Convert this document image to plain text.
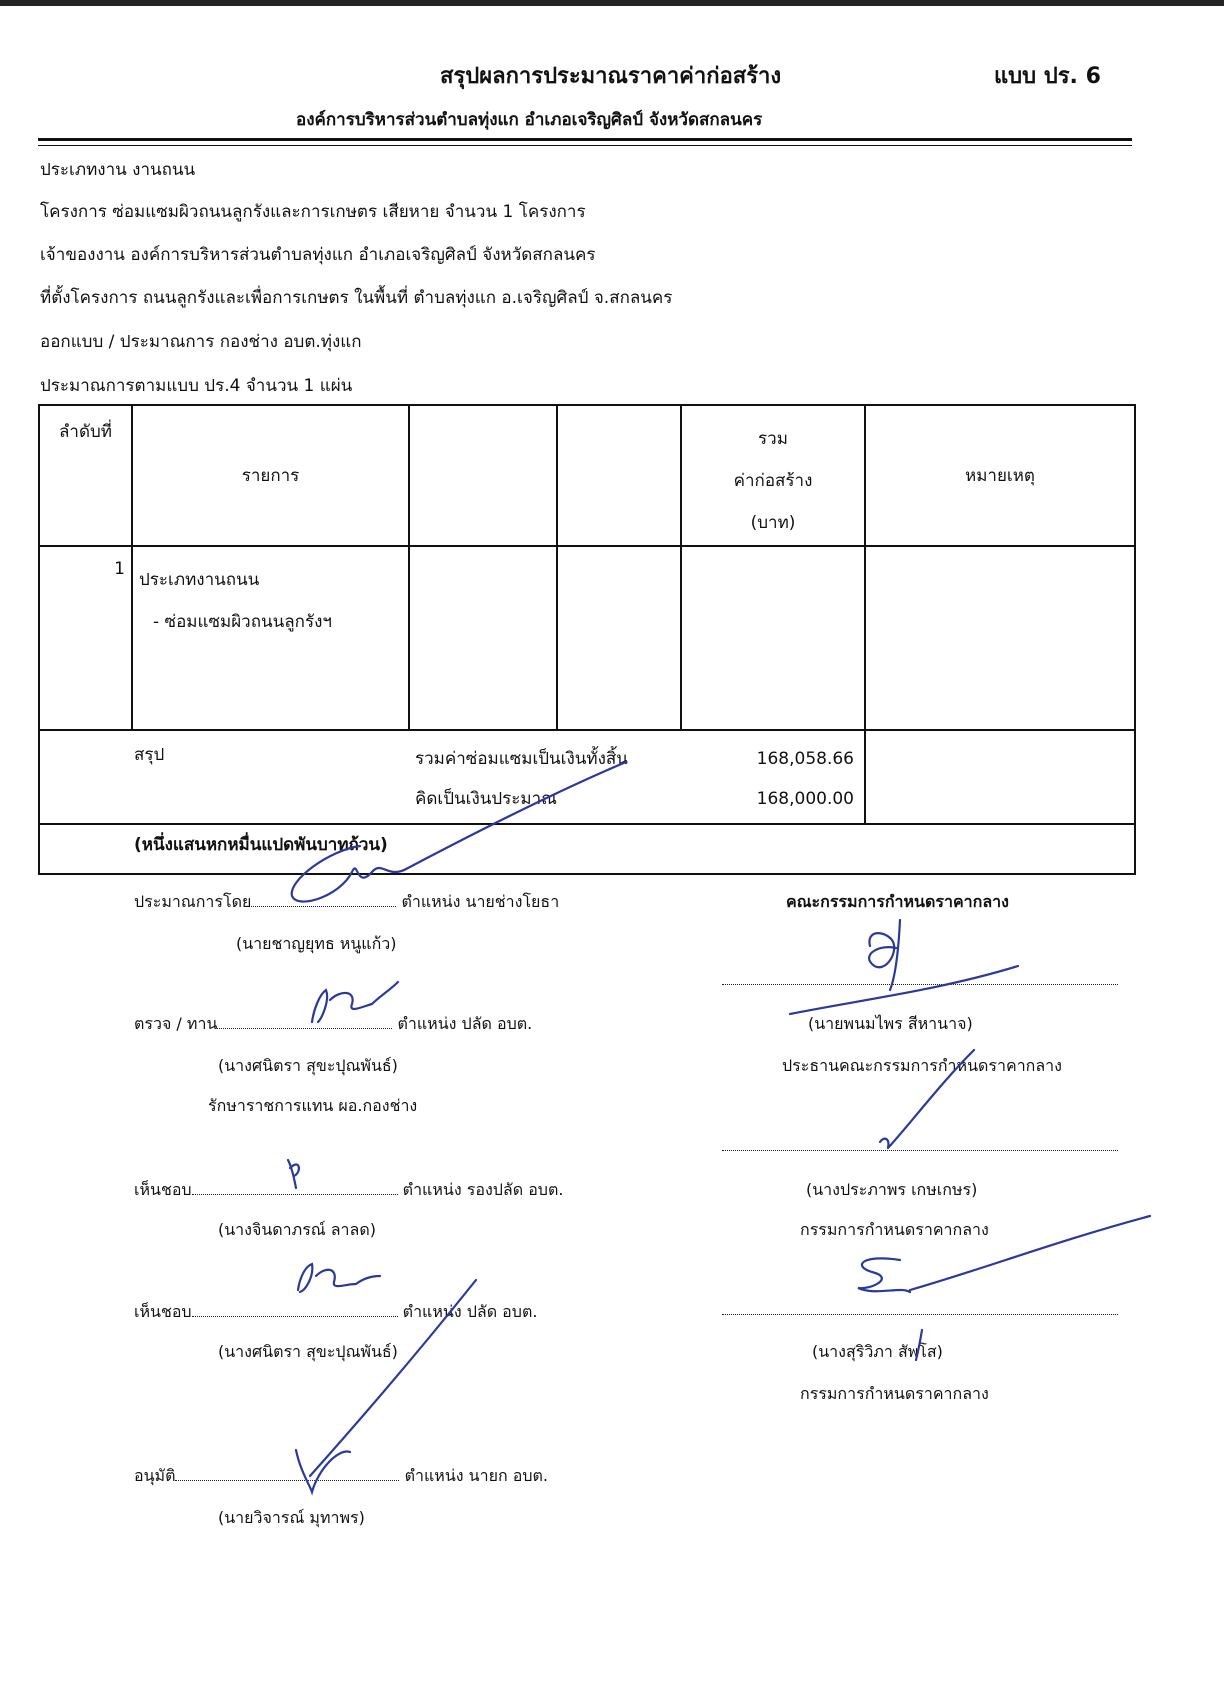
สรุปผลการประมาณราคาค่าก่อสร้าง	แบบ ปร. 6
องค์การบริหารส่วนตำบลทุ่งแก อำเภอเจริญศิลป์ จังหวัดสกลนคร
ประเภทงาน งานถนน
โครงการ ซ่อมแซมผิวถนนลูกรังและการเกษตร เสียหาย จำนวน 1 โครงการ
เจ้าของงาน องค์การบริหารส่วนตำบลทุ่งแก อำเภอเจริญศิลป์ จังหวัดสกลนคร
ที่ตั้งโครงการ ถนนลูกรังและเพื่อการเกษตร ในพื้นที่ ตำบลทุ่งแก อ.เจริญศิลป์ จ.สกลนคร
ออกแบบ / ประมาณการ กองช่าง อบต.ทุ่งแก
ประมาณการตามแบบ ปร.4 จำนวน 1 แผ่น
ลำดับที่	รายการ			รวม
ค่าก่อสร้าง
(บาท)	หมายเหตุ
1	ประเภทงานถนน
- ซ่อมแซมผิวถนนลูกรังฯ				

สรุป		รวมค่าซ่อมแซมเป็นเงินทั้งสิ้น 168,058.66
คิดเป็นเงินประมาณ 168,000.00			

(หนึ่งแสนหกหมื่นแปดพันบาทถ้วน)					
ประมาณการโดย	ตำแหน่ง นายช่างโยธา
(นายชาญยุทธ หนูแก้ว)
ตรวจ / ทาน	ตำแหน่ง ปลัด อบต.
(นางศนิตรา สุขะปุณพันธ์)
รักษาราชการแทน ผอ.กองช่าง
เห็นชอบ	ตำแหน่ง รองปลัด อบต.
(นางจินดาภรณ์ ลาลด)
เห็นชอบ	ตำแหน่ง ปลัด อบต.
(นางศนิตรา สุขะปุณพันธ์)
อนุมัติ	ตำแหน่ง นายก อบต.
(นายวิจารณ์ มุทาพร)
คณะกรรมการกำหนดราคากลาง
(นายพนมไพร สีหานาจ)
ประธานคณะกรรมการกำหนดราคากลาง
(นางประภาพร เกษเกษร)
กรรมการกำหนดราคากลาง
(นางสุริวิภา สัพโส)
กรรมการกำหนดราคากลาง
